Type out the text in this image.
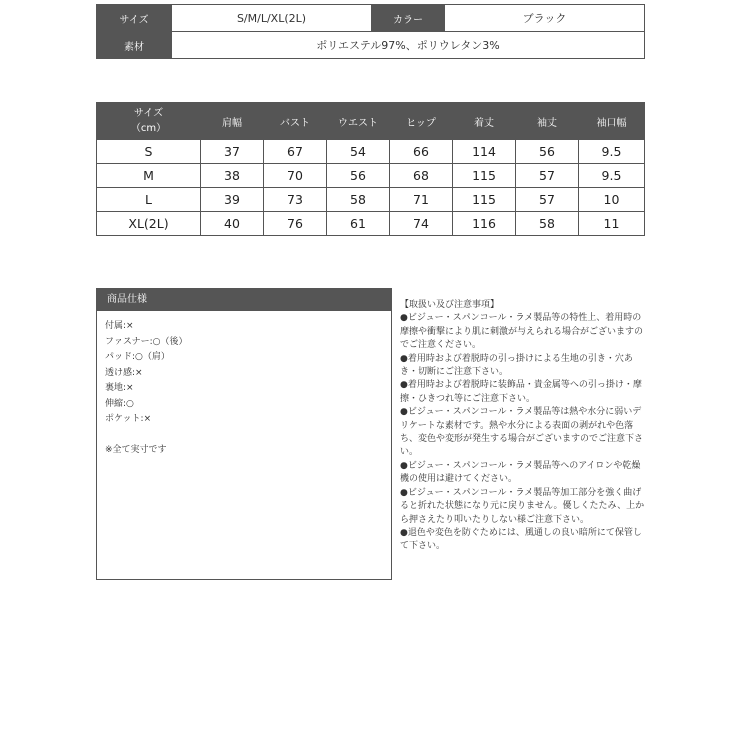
サイズ	S/M/L/XL(2L)	カラー	ブラック
素材	ポリエステル97%、ポリウレタン3%		
サイズ
（cm）	肩幅	バスト	ウエスト	ヒップ	着丈	袖丈	袖口幅
S	37	67	54	66	114	56	9.5
M	38	70	56	68	115	57	9.5
L	39	73	58	71	115	57	10
XL(2L)	40	76	61	74	116	58	11
商品仕様
付属:×
ファスナー:○（後）
パッド:○（肩）
透け感:×
裏地:×
伸縮:○
ポケット:×
※全て実寸です

【取扱い及び注意事項】

●ビジュー・スパンコール・ラメ製品等の特性上、着用時の摩擦や衝撃により肌に刺激が与えられる場合がございますのでご注意ください。

●着用時および着脱時の引っ掛けによる生地の引き・穴あき・切断にご注意下さい。

●着用時および着脱時に装飾品・貴金属等への引っ掛け・摩擦・ひきつれ等にご注意下さい。

●ビジュー・スパンコール・ラメ製品等は熱や水分に弱いデリケートな素材です。熱や水分による表面の剥がれや色落ち、変色や変形が発生する場合がございますのでご注意下さい。

●ビジュー・スパンコール・ラメ製品等へのアイロンや乾燥機の使用は避けてください。

●ビジュー・スパンコール・ラメ製品等加工部分を強く曲げると折れた状態になり元に戻りません。優しくたたみ、上から押さえたり叩いたりしない様ご注意下さい。

●退色や変色を防ぐためには、風通しの良い暗所にて保管して下さい。
